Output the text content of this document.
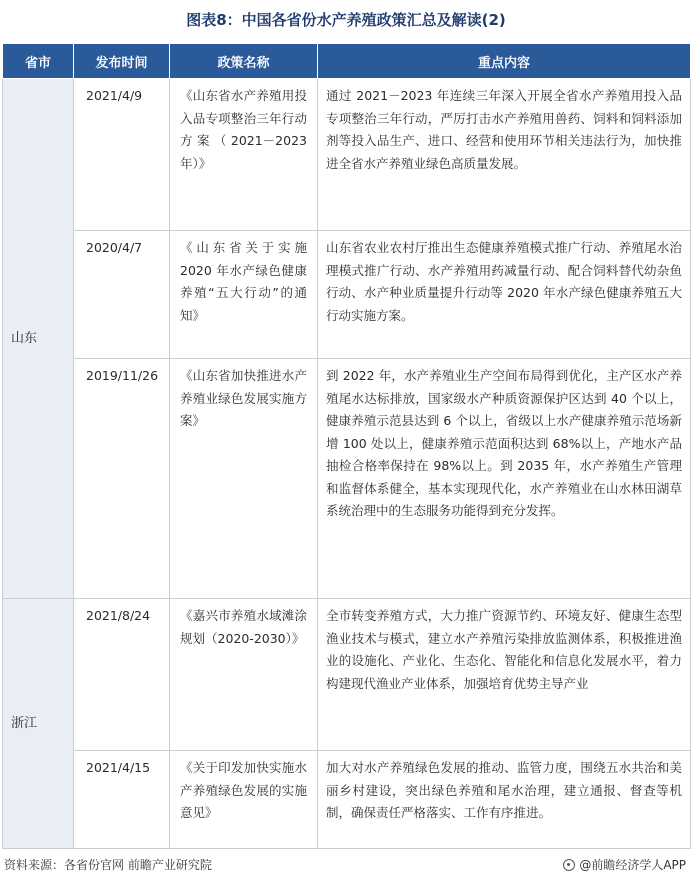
图表8：中国各省份水产养殖政策汇总及解读(2)
省市	发布时间	政策名称	重点内容
山东	2021/4/9	《山东省水产养殖用投入品专项整治三年行动方案（2021－2023年）》	通过 2021－2023 年连续三年深入开展全省水产养殖用投入品专项整治三年行动，严厉打击水产养殖用兽药、饲料和饲料添加剂等投入品生产、进口、经营和使用环节相关违法行为，加快推进全省水产养殖业绿色高质量发展。
	2020/4/7	《山东省关于实施 2020 年水产绿色健康养殖“五大行动”的通知》	山东省农业农村厅推出生态健康养殖模式推广行动、养殖尾水治理模式推广行动、水产养殖用药减量行动、配合饲料替代幼杂鱼行动、水产种业质量提升行动等 2020 年水产绿色健康养殖五大行动实施方案。
	2019/11/26	《山东省加快推进水产养殖业绿色发展实施方案》	到 2022 年，水产养殖业生产空间布局得到优化，主产区水产养殖尾水达标排放，国家级水产种质资源保护区达到 40 个以上，健康养殖示范县达到 6 个以上，省级以上水产健康养殖示范场新增 100 处以上，健康养殖示范面积达到 68%以上，产地水产品抽检合格率保持在 98%以上。到 2035 年，水产养殖生产管理和监督体系健全，基本实现现代化，水产养殖业在山水林田湖草系统治理中的生态服务功能得到充分发挥。
浙江	2021/8/24	《嘉兴市养殖水域滩涂规划（2020-2030）》	全市转变养殖方式，大力推广资源节约、环境友好、健康生态型渔业技术与模式，建立水产养殖污染排放监测体系，积极推进渔业的设施化、产业化、生态化、智能化和信息化发展水平，着力构建现代渔业产业体系，加强培育优势主导产业
	2021/4/15	《关于印发加快实施水产养殖绿色发展的实施意见》	加大对水产养殖绿色发展的推动、监管力度，围绕五水共治和美丽乡村建设，突出绿色养殖和尾水治理，建立通报、督查等机制，确保责任严格落实、工作有序推进。
资料来源：各省份官网 前瞻产业研究院	@前瞻经济学人APP
